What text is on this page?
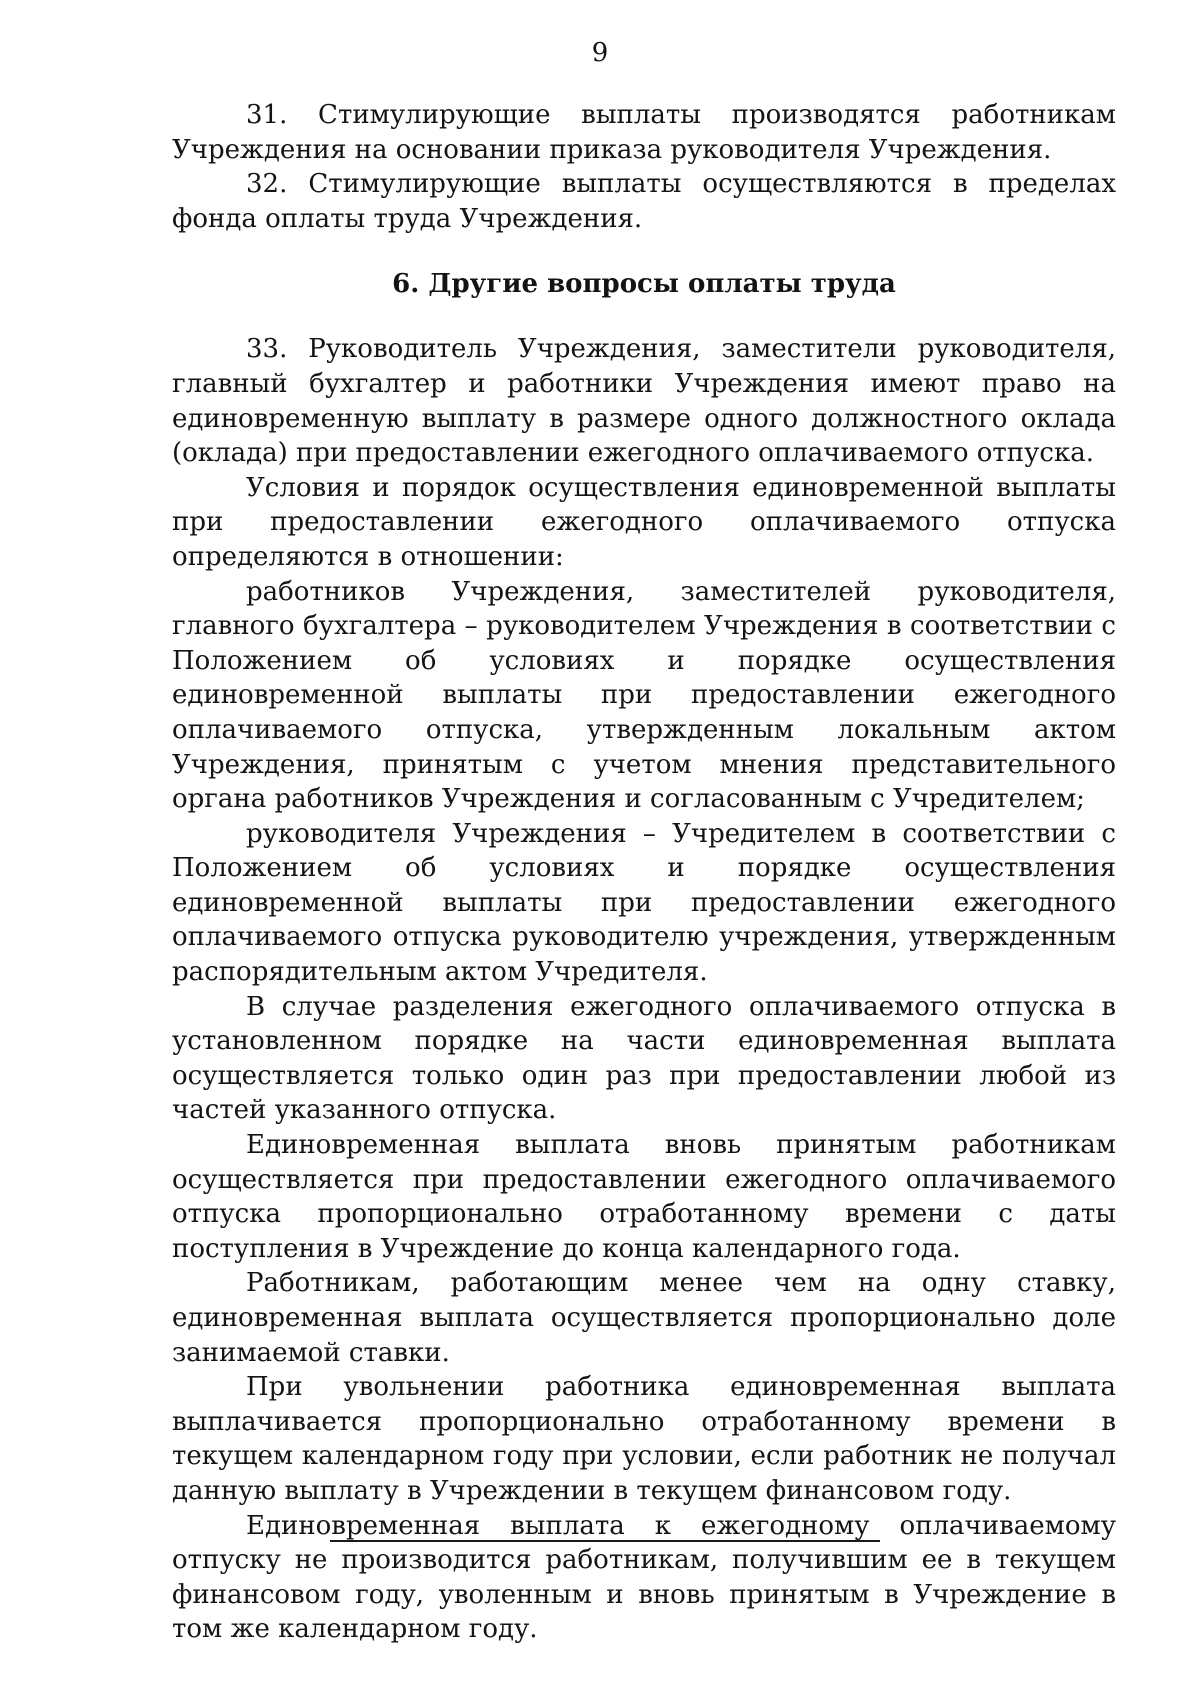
9

31. Стимулирующие выплаты производятся работникам Учреждения на основании приказа руководителя Учреждения.

32. Стимулирующие выплаты осуществляются в пределах фонда оплаты труда Учреждения.

6. Другие вопросы оплаты труда

33. Руководитель Учреждения, заместители руководителя, главный бухгалтер и работники Учреждения имеют право на единовременную выплату в размере одного должностного оклада (оклада) при предоставлении ежегодного оплачиваемого отпуска.

Условия и порядок осуществления единовременной выплаты при предоставлении ежегодного оплачиваемого отпуска определяются в отношении:

работников Учреждения, заместителей руководителя, главного бухгалтера – руководителем Учреждения в соответствии с Положением об условиях и порядке осуществления единовременной выплаты при предоставлении ежегодного оплачиваемого отпуска, утвержденным локальным актом Учреждения, принятым с учетом мнения представительного органа работников Учреждения и согласованным с Учредителем;

руководителя Учреждения – Учредителем в соответствии с Положением об условиях и порядке осуществления единовременной выплаты при предоставлении ежегодного оплачиваемого отпуска руководителю учреждения, утвержденным распорядительным актом Учредителя.

В случае разделения ежегодного оплачиваемого отпуска в установленном порядке на части единовременная выплата осуществляется только один раз при предоставлении любой из частей указанного отпуска.

Единовременная выплата вновь принятым работникам осуществляется при предоставлении ежегодного оплачиваемого отпуска пропорционально отработанному времени с даты поступления в Учреждение до конца календарного года.

Работникам, работающим менее чем на одну ставку, единовременная выплата осуществляется пропорционально доле занимаемой ставки.

При увольнении работника единовременная выплата выплачивается пропорционально отработанному времени в текущем календарном году при условии, если работник не получал данную выплату в Учреждении в текущем финансовом году.

Единовременная выплата к ежегодному оплачиваемому отпуску не производится работникам, получившим ее в текущем финансовом году, уволенным и вновь принятым в Учреждение в том же календарном году.
